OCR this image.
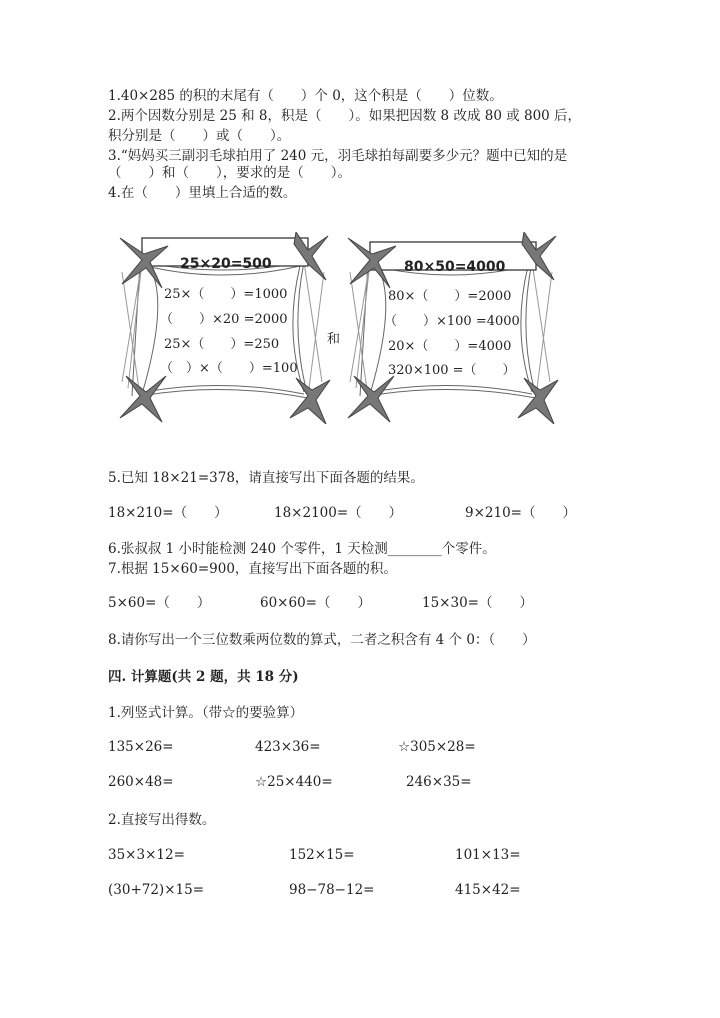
1.40×285 的积的末尾有（　　）个 0，这个积是（　　）位数。
2.两个因数分别是 25 和 8，积是（　　）。如果把因数 8 改成 80 或 800 后，
积分别是（　　）或（　　）。
3.“妈妈买三副羽毛球拍用了 240 元，羽毛球拍每副要多少元？题中已知的是
（　　）和（　　），要求的是（　　）。
4.在（　　）里填上合适的数。
25×20=500
25×（　　）=1000
（　　）×20 =2000
25×（　　）=250
（　）×（　　）=100
和
80×50=4000
80×（　　）=2000
（　　）×100 =4000
20×（　　）=4000
320×100 =（　　）
5.已知 18×21=378，请直接写出下面各题的结果。
18×210=（　　）	18×2100=（　　）	9×210=（　　）
6.张叔叔 1 小时能检测 240 个零件，1 天检测________个零件。
7.根据 15×60=900，直接写出下面各题的积。
5×60=（　　）	60×60=（　　）	15×30=（　　）
8.请你写出一个三位数乘两位数的算式，二者之积含有 4 个 0：（　　）
四. 计算题(共 2 题，共 18 分)
1.列竖式计算。（带☆的要验算）
135×26=	423×36=	☆305×28=
260×48=	☆25×440=	246×35=
2.直接写出得数。
35×3×12=	152×15=	101×13=
(30+72)×15=	98−78−12=	415×42=
